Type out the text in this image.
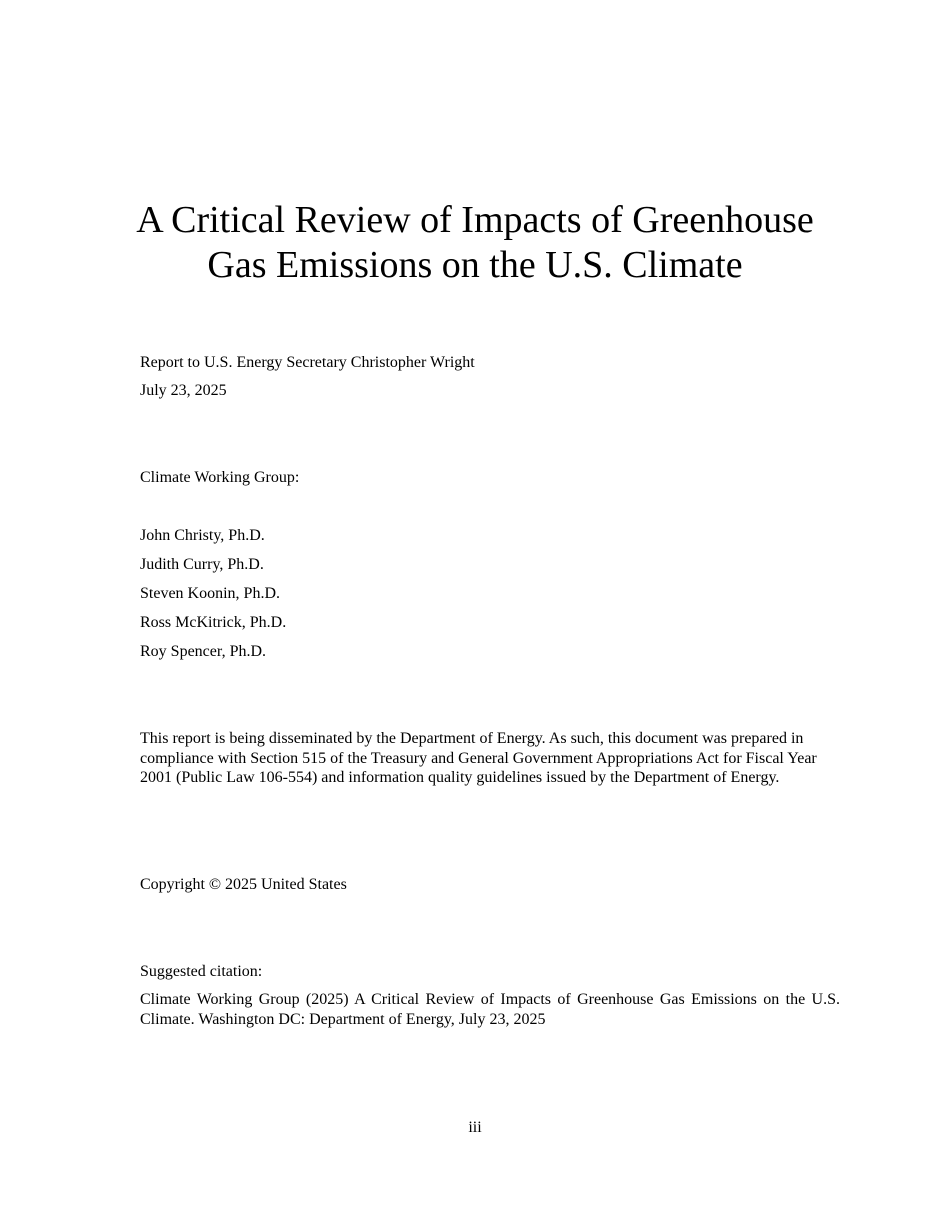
A Critical Review of Impacts of Greenhouse
Gas Emissions on the U.S. Climate
Report to U.S. Energy Secretary Christopher Wright
July 23, 2025
Climate Working Group:
John Christy, Ph.D.
Judith Curry, Ph.D.
Steven Koonin, Ph.D.
Ross McKitrick, Ph.D.
Roy Spencer, Ph.D.
This report is being disseminated by the Department of Energy. As such, this document was prepared in compliance with Section 515 of the Treasury and General Government Appropriations Act for Fiscal Year 2001 (Public Law 106-554) and information quality guidelines issued by the Department of Energy.
Copyright © 2025 United States
Suggested citation:
Climate Working Group (2025) A Critical Review of Impacts of Greenhouse Gas Emissions on the U.S. Climate. Washington DC: Department of Energy, July 23, 2025
iii
